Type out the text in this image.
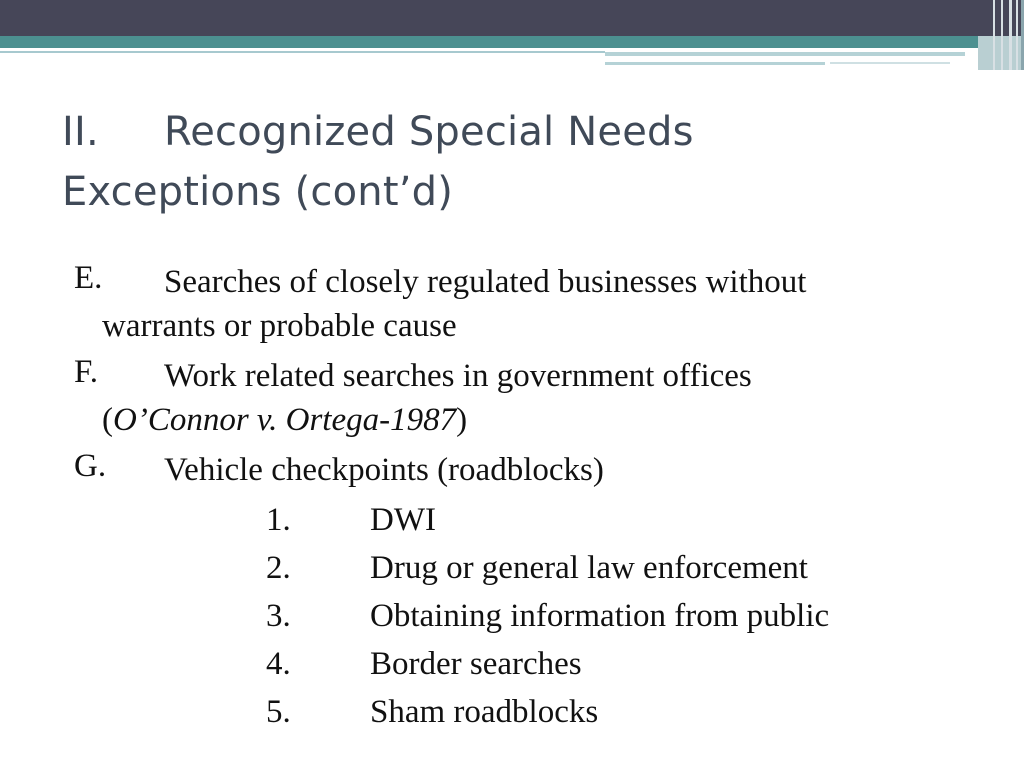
II. Recognized Special Needs
Exceptions (cont’d)
E.	Searches of closely regulated businesses without
warrants or probable cause
F.	Work related searches in government offices
(O’Connor v. Ortega-1987)
G.	Vehicle checkpoints (roadblocks)
1. DWI
2. Drug or general law enforcement
3. Obtaining information from public
4. Border searches
5. Sham roadblocks
